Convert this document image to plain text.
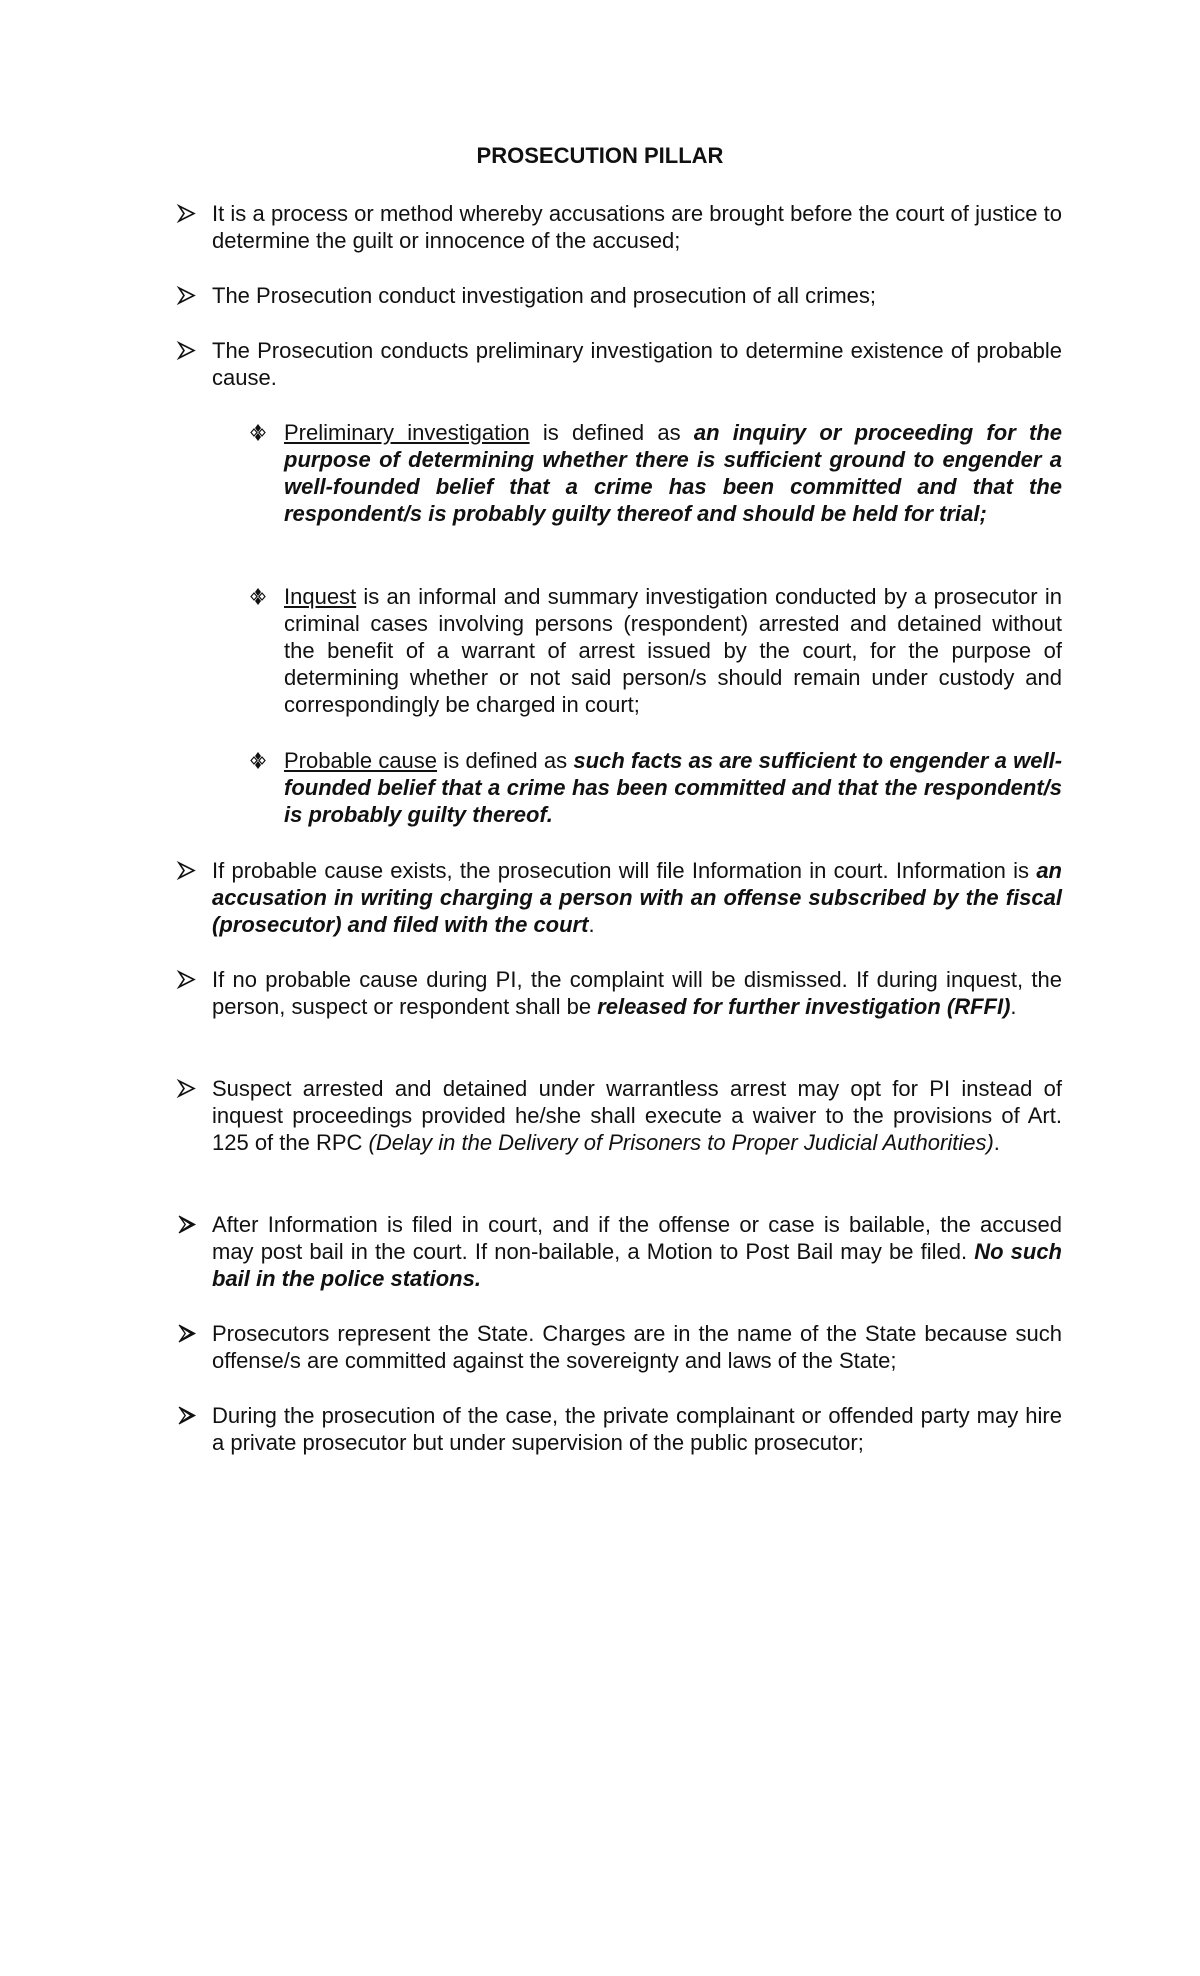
PROSECUTION PILLAR
It is a process or method whereby accusations are brought before the court of justice to determine the guilt or innocence of the accused;
The Prosecution conduct investigation and prosecution of all crimes;
The Prosecution conducts preliminary investigation to determine existence of probable cause.
Preliminary investigation is defined as an inquiry or proceeding for the purpose of determining whether there is sufficient ground to engender a well-founded belief that a crime has been committed and that the respondent/s is probably guilty thereof and should be held for trial;
Inquest is an informal and summary investigation conducted by a prosecutor in criminal cases involving persons (respondent) arrested and detained without the benefit of a warrant of arrest issued by the court, for the purpose of determining whether or not said person/s should remain under custody and correspondingly be charged in court;
Probable cause is defined as such facts as are sufficient to engender a well-founded belief that a crime has been committed and that the respondent/s is probably guilty thereof.
If probable cause exists, the prosecution will file Information in court. Information is an accusation in writing charging a person with an offense subscribed by the fiscal (prosecutor) and filed with the court.
If no probable cause during PI, the complaint will be dismissed. If during inquest, the person, suspect or respondent shall be released for further investigation (RFFI).
Suspect arrested and detained under warrantless arrest may opt for PI instead of inquest proceedings provided he/she shall execute a waiver to the provisions of Art. 125 of the RPC (Delay in the Delivery of Prisoners to Proper Judicial Authorities).
After Information is filed in court, and if the offense or case is bailable, the accused may post bail in the court. If non-bailable, a Motion to Post Bail may be filed. No such bail in the police stations.
Prosecutors represent the State. Charges are in the name of the State because such offense/s are committed against the sovereignty and laws of the State;
During the prosecution of the case, the private complainant or offended party may hire a private prosecutor but under supervision of the public prosecutor;
